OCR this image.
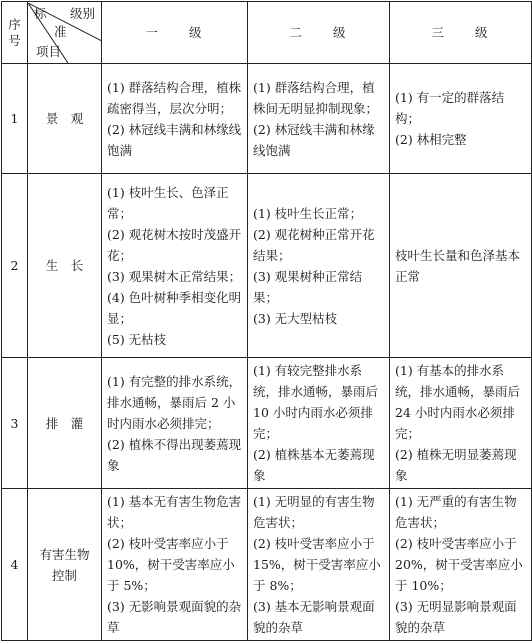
序
号	标 级别
准
项目	一　　级	二　　级	三　　级
1	景　观	(1) 群落结构合理，植株疏密得当，层次分明；
(2) 林冠线丰满和林缘线饱满	(1) 群落结构合理，植株间无明显抑制现象；
(2) 林冠线丰满和林缘线饱满	(1) 有一定的群落结构；
(2) 林相完整

2	生　长	(1) 枝叶生长、色泽正常；
(2) 观花树木按时茂盛开花；
(3) 观果树木正常结果；
(4) 色叶树种季相变化明显；
(5) 无枯枝	(1) 枝叶生长正常；
(2) 观花树种正常开花结果；
(3) 观果树种正常结果；
(3) 无大型枯枝	枝叶生长量和色泽基本正常

3	排　灌	(1) 有完整的排水系统，排水通畅，暴雨后 2 小时内雨水必须排完；
(2) 植株不得出现萎蔫现象	(1) 有较完整排水系统，排水通畅，暴雨后 10 小时内雨水必须排完；
(2) 植株基本无萎蔫现象	(1) 有基本的排水系统，排水通畅，暴雨后 24 小时内雨水必须排完；
(2) 植株无明显萎蔫现象

4	有害生物
控制	(1) 基本无有害生物危害状；
(2) 枝叶受害率应小于 10%，树干受害率应小于 5%；
(3) 无影响景观面貌的杂草	(1) 无明显的有害生物危害状；
(2) 枝叶受害率应小于 15%，树干受害率应小于 8%；
(3) 基本无影响景观面貌的杂草	(1) 无严重的有害生物危害状；
(2) 枝叶受害率应小于 20%，树干受害率应小于 10%；
(3) 无明显影响景观面貌的杂草
